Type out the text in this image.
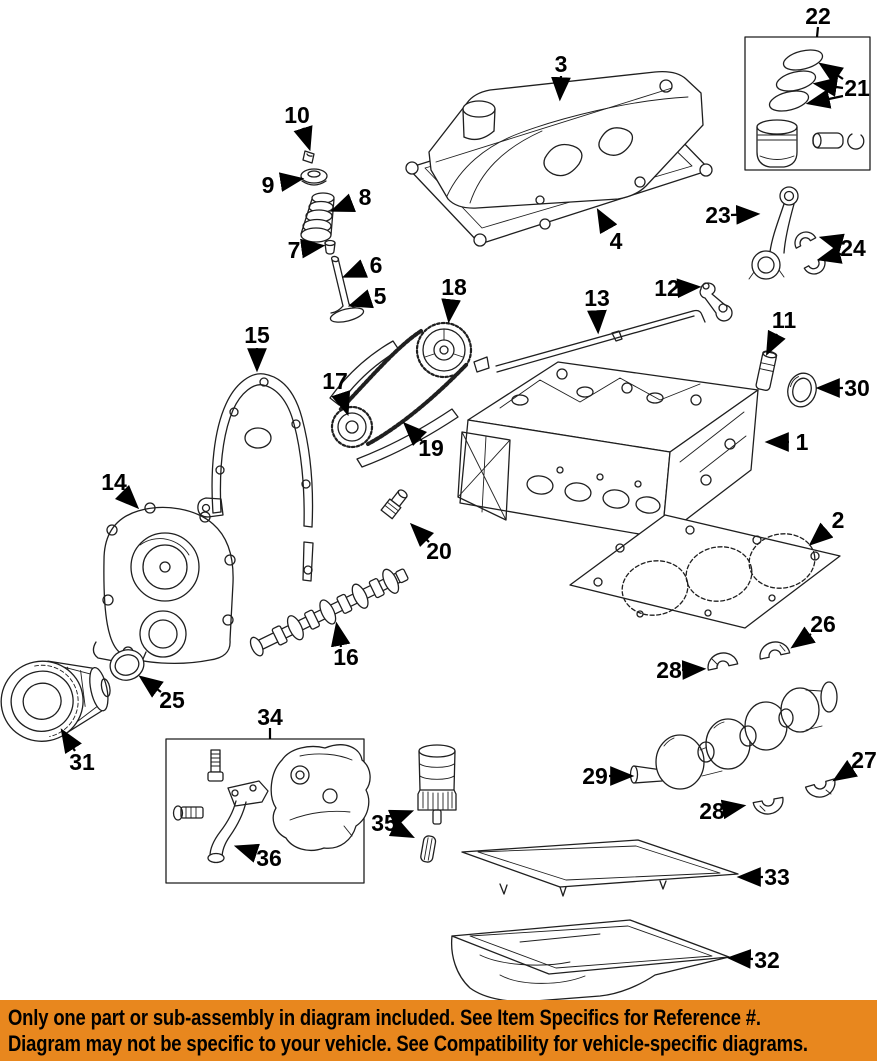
22
21
3
4
10
9	8
7
6
5
23
24
18	13 12
11
30
1
15
17
19
14
2
20
16
26
28
25
31
34
29
27
28
35
36
33
32
Only one part or sub-assembly in diagram included. See Item Specifics for Reference #.
Diagram may not be specific to your vehicle. See Compatibility for vehicle-specific diagrams.
